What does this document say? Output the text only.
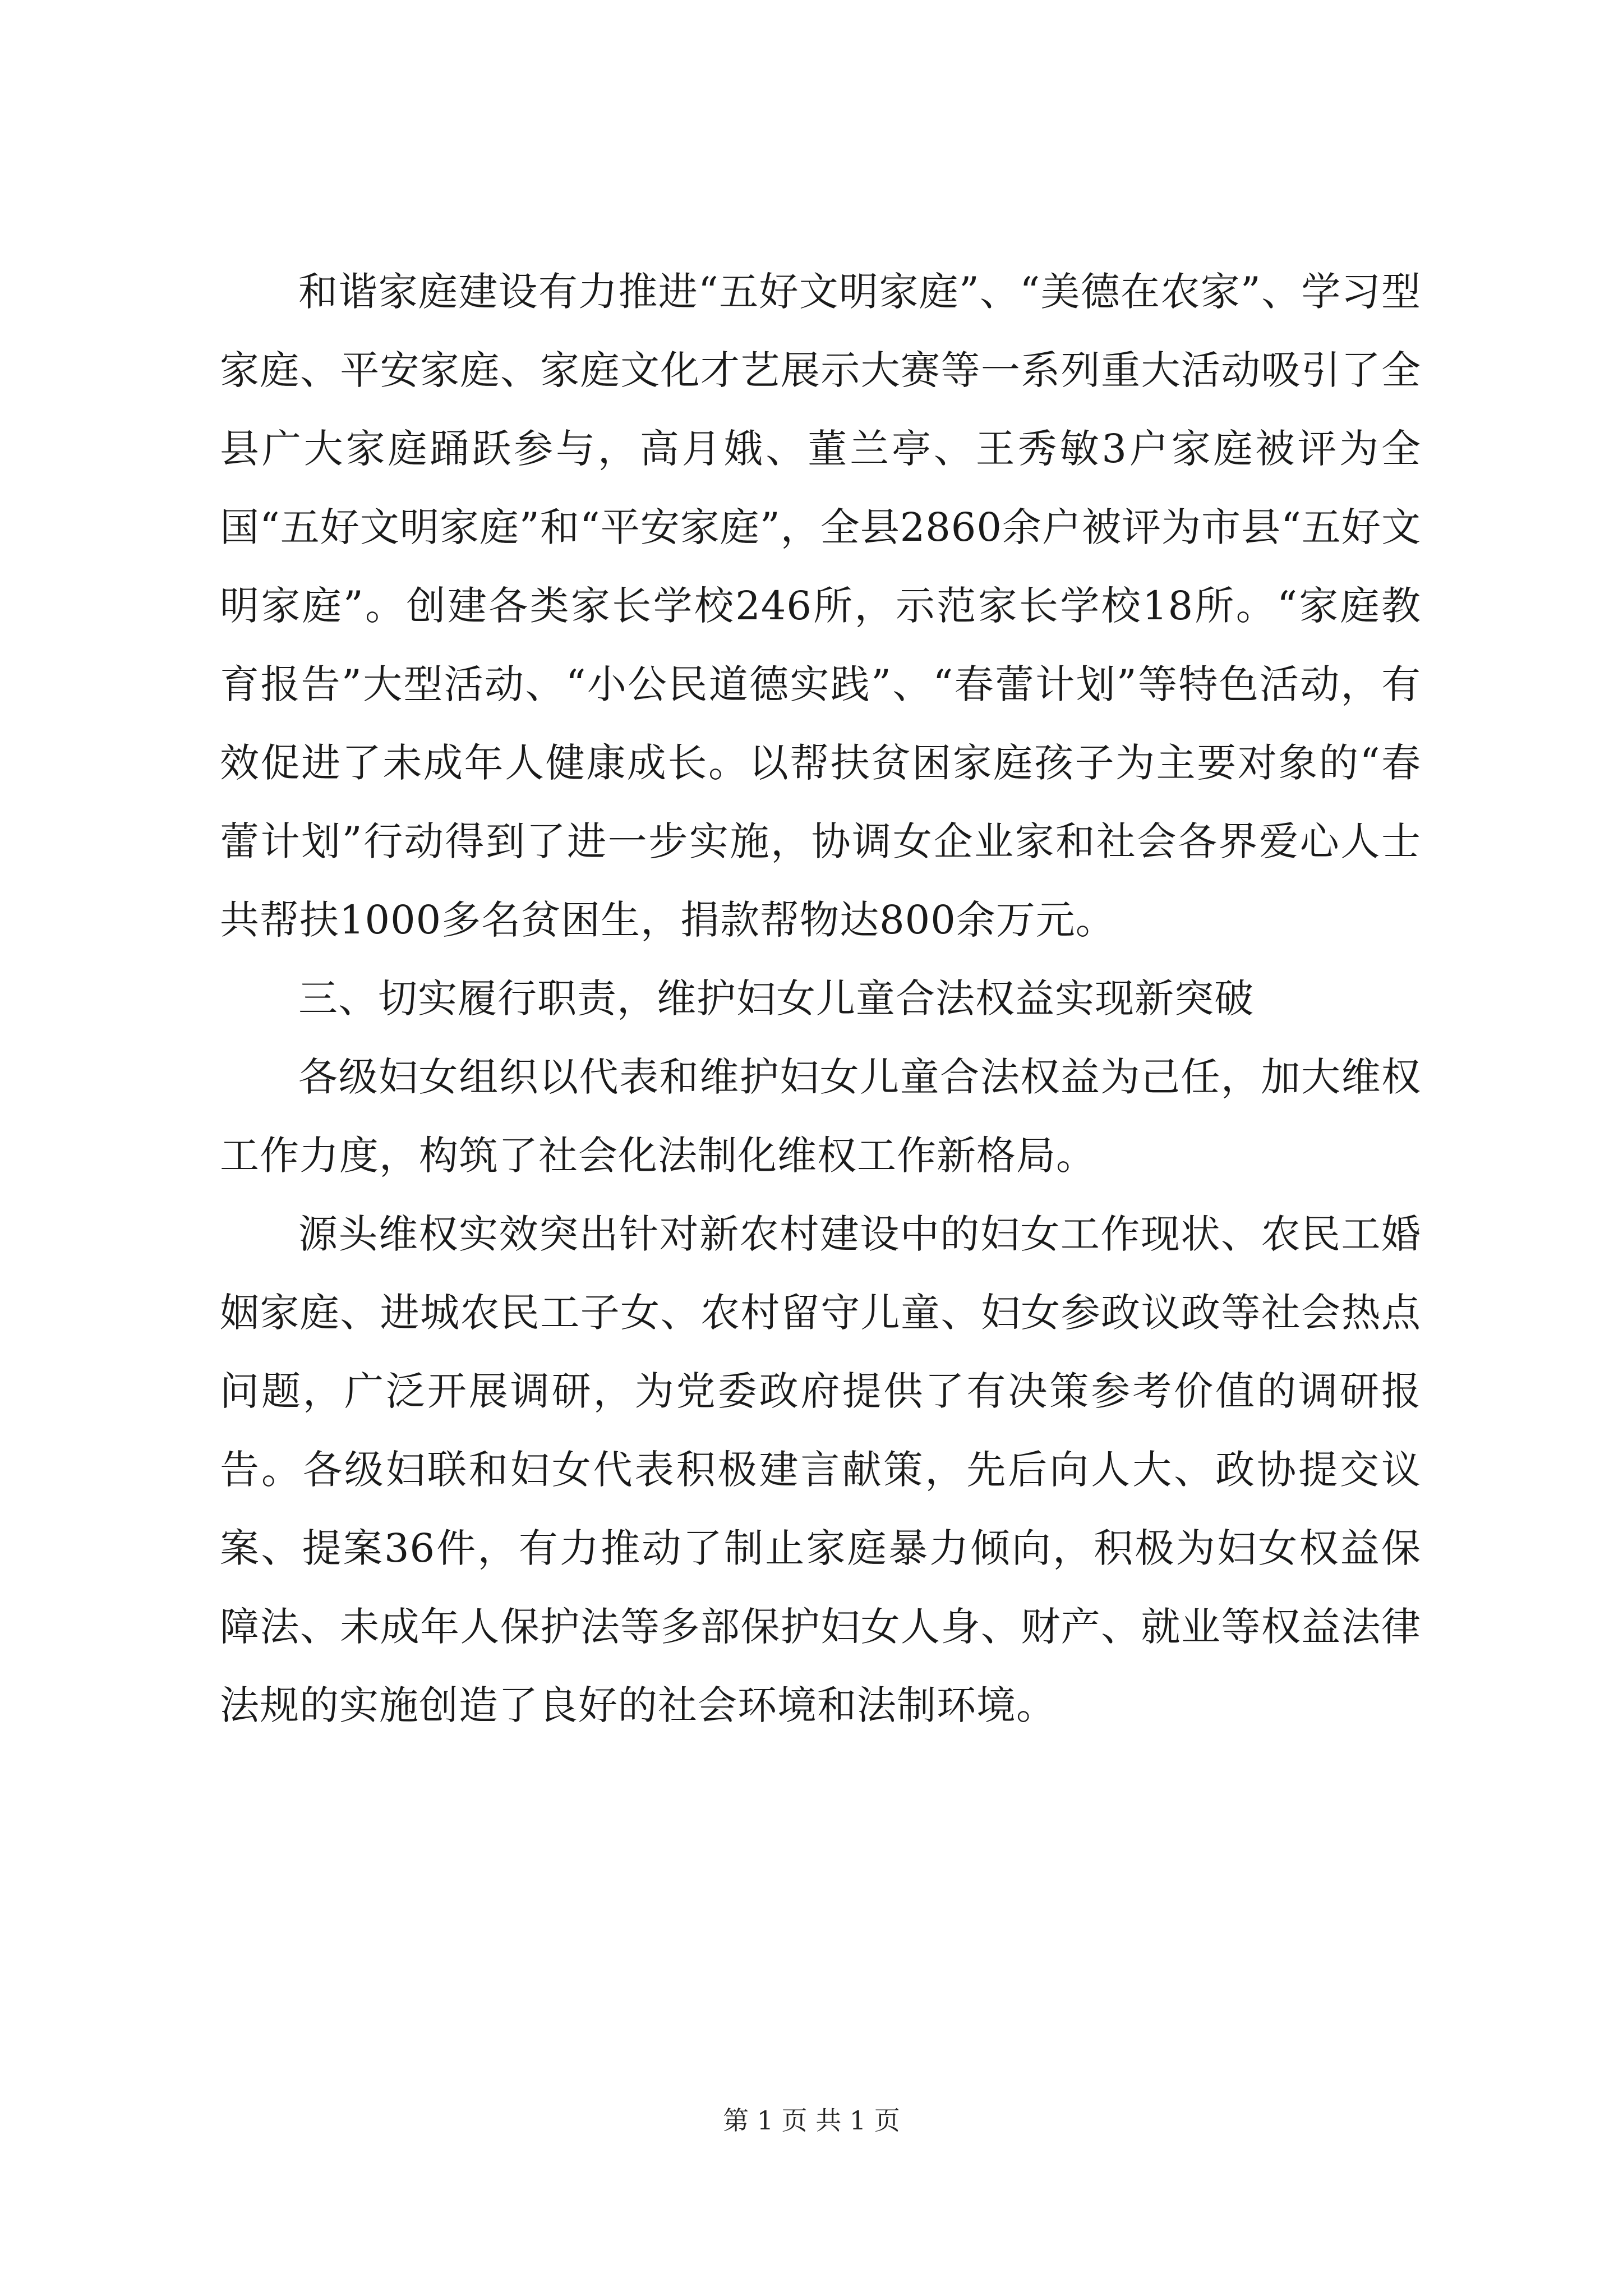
和谐家庭建设有力推进“五好文明家庭”、“美德在农家”、学习型家庭、平安家庭、家庭文化才艺展示大赛等一系列重大活动吸引了全县广大家庭踊跃参与，高月娥、董兰亭、王秀敏3户家庭被评为全国“五好文明家庭”和“平安家庭”，全县2860余户被评为市县“五好文明家庭”。创建各类家长学校246所，示范家长学校18所。“家庭教育报告”大型活动、“小公民道德实践”、“春蕾计划”等特色活动，有效促进了未成年人健康成长。以帮扶贫困家庭孩子为主要对象的“春蕾计划”行动得到了进一步实施，协调女企业家和社会各界爱心人士共帮扶1000多名贫困生，捐款帮物达800余万元。

三、切实履行职责，维护妇女儿童合法权益实现新突破

各级妇女组织以代表和维护妇女儿童合法权益为己任，加大维权工作力度，构筑了社会化法制化维权工作新格局。

源头维权实效突出针对新农村建设中的妇女工作现状、农民工婚姻家庭、进城农民工子女、农村留守儿童、妇女参政议政等社会热点问题，广泛开展调研，为党委政府提供了有决策参考价值的调研报告。各级妇联和妇女代表积极建言献策，先后向人大、政协提交议案、提案36件，有力推动了制止家庭暴力倾向，积极为妇女权益保障法、未成年人保护法等多部保护妇女人身、财产、就业等权益法律法规的实施创造了良好的社会环境和法制环境。

第 1 页 共 1 页
